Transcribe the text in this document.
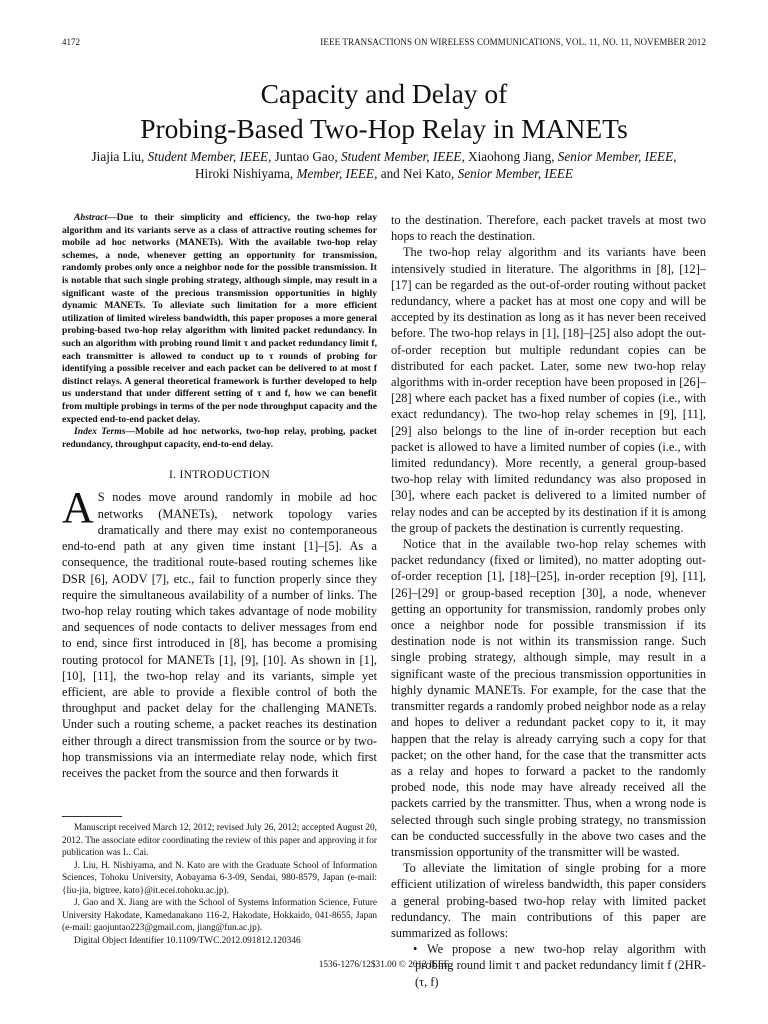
4172	IEEE TRANSACTIONS ON WIRELESS COMMUNICATIONS, VOL. 11, NO. 11, NOVEMBER 2012
Capacity and Delay of
Probing-Based Two-Hop Relay in MANETs
Jiajia Liu, Student Member, IEEE, Juntao Gao, Student Member, IEEE, Xiaohong Jiang, Senior Member, IEEE,
Hiroki Nishiyama, Member, IEEE, and Nei Kato, Senior Member, IEEE

Abstract—Due to their simplicity and efficiency, the two-hop relay algorithm and its variants serve as a class of attractive routing schemes for mobile ad hoc networks (MANETs). With the available two-hop relay schemes, a node, whenever getting an opportunity for transmission, randomly probes only once a neighbor node for the possible transmission. It is notable that such single probing strategy, although simple, may result in a significant waste of the precious transmission opportunities in highly dynamic MANETs. To alleviate such limitation for a more efficient utilization of limited wireless bandwidth, this paper proposes a more general probing-based two-hop relay algorithm with limited packet redundancy. In such an algorithm with probing round limit τ and packet redundancy limit f, each transmitter is allowed to conduct up to τ rounds of probing for identifying a possible receiver and each packet can be delivered to at most f distinct relays. A general theoretical framework is further developed to help us understand that under different setting of τ and f, how we can benefit from multiple probings in terms of the per node throughput capacity and the expected end-to-end packet delay.

Index Terms—Mobile ad hoc networks, two-hop relay, probing, packet redundancy, throughput capacity, end-to-end delay.

I. INTRODUCTION

A S nodes move around randomly in mobile ad hoc networks (MANETs), network topology varies dramatically and there may exist no contemporaneous end-to-end path at any given time instant [1]–[5]. As a consequence, the traditional route-based routing schemes like DSR [6], AODV [7], etc., fail to function properly since they require the simultaneous availability of a number of links. The two-hop relay routing which takes advantage of node mobility and sequences of node contacts to deliver messages from end to end, since first introduced in [8], has become a promising routing protocol for MANETs [1], [9], [10]. As shown in [1], [10], [11], the two-hop relay and its variants, simple yet efficient, are able to provide a flexible control of both the throughput and packet delay for the challenging MANETs. Under such a routing scheme, a packet reaches its destination either through a direct transmission from the source or by two-hop transmissions via an intermediate relay node, which first receives the packet from the source and then forwards it

Manuscript received March 12, 2012; revised July 26, 2012; accepted August 20, 2012. The associate editor coordinating the review of this paper and approving it for publication was L. Cai.

J. Liu, H. Nishiyama, and N. Kato are with the Graduate School of Information Sciences, Tohoku University, Aobayama 6-3-09, Sendai, 980-8579, Japan (e-mail: {liu-jia, bigtree, kato}@it.ecei.tohoku.ac.jp).

J. Gao and X. Jiang are with the School of Systems Information Science, Future University Hakodate, Kamedanakano 116-2, Hakodate, Hokkaido, 041-8655, Japan (e-mail: gaojuntao223@gmail.com, jiang@fun.ac.jp).

Digital Object Identifier 10.1109/TWC.2012.091812.120346

to the destination. Therefore, each packet travels at most two hops to reach the destination.

The two-hop relay algorithm and its variants have been intensively studied in literature. The algorithms in [8], [12]–[17] can be regarded as the out-of-order routing without packet redundancy, where a packet has at most one copy and will be accepted by its destination as long as it has never been received before. The two-hop relays in [1], [18]–[25] also adopt the out-of-order reception but multiple redundant copies can be distributed for each packet. Later, some new two-hop relay algorithms with in-order reception have been proposed in [26]–[28] where each packet has a fixed number of copies (i.e., with exact redundancy). The two-hop relay schemes in [9], [11], [29] also belongs to the line of in-order reception but each packet is allowed to have a limited number of copies (i.e., with limited redundancy). More recently, a general group-based two-hop relay with limited redundancy was also proposed in [30], where each packet is delivered to a limited number of relay nodes and can be accepted by its destination if it is among the group of packets the destination is currently requesting.

Notice that in the available two-hop relay schemes with packet redundancy (fixed or limited), no matter adopting out-of-order reception [1], [18]–[25], in-order reception [9], [11], [26]–[29] or group-based reception [30], a node, whenever getting an opportunity for transmission, randomly probes only once a neighbor node for possible transmission if its destination node is not within its transmission range. Such single probing strategy, although simple, may result in a significant waste of the precious transmission opportunities in highly dynamic MANETs. For example, for the case that the transmitter regards a randomly probed neighbor node as a relay and hopes to deliver a redundant packet copy to it, it may happen that the relay is already carrying such a copy for that packet; on the other hand, for the case that the transmitter acts as a relay and hopes to forward a packet to the randomly probed node, this node may have already received all the packets carried by the transmitter. Thus, when a wrong node is selected through such single probing strategy, no transmission can be conducted successfully in the above two cases and the transmission opportunity of the transmitter will be wasted.

To alleviate the limitation of single probing for a more efficient utilization of wireless bandwidth, this paper considers a general probing-based two-hop relay with limited packet redundancy. The main contributions of this paper are summarized as follows:

• We propose a new two-hop relay algorithm with probing round limit τ and packet redundancy limit f (2HR-(τ, f)

1536-1276/12$31.00 © 2012 IEEE
